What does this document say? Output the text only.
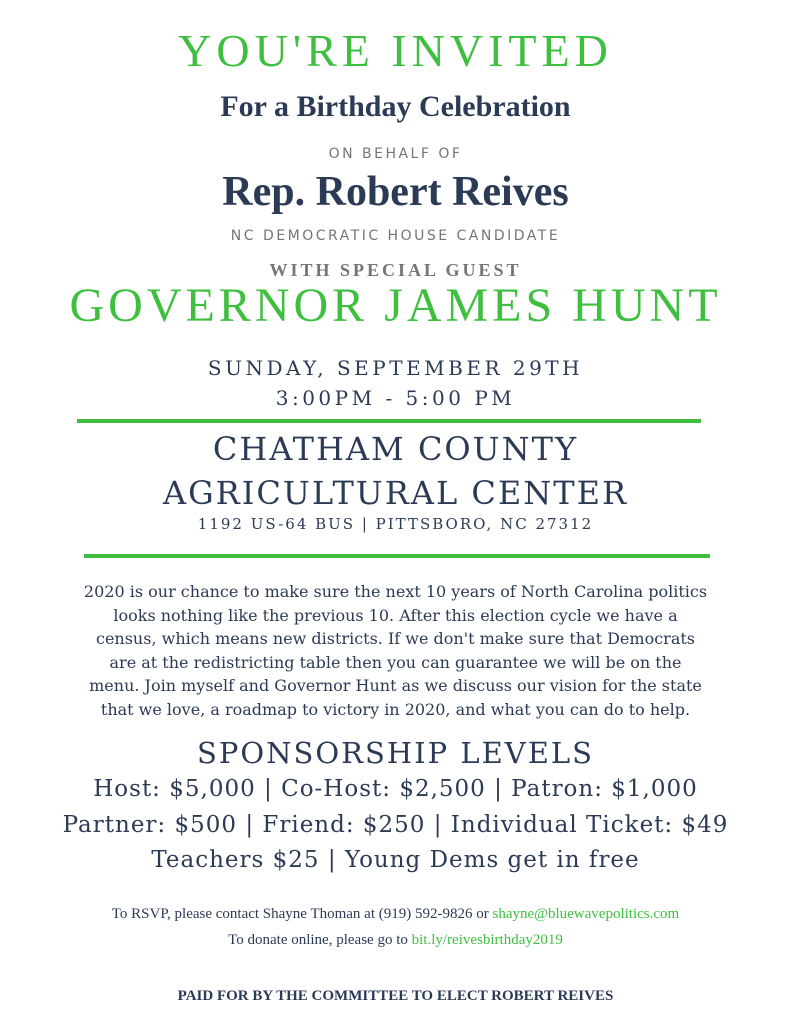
YOU'RE INVITED
For a Birthday Celebration
ON BEHALF OF
Rep. Robert Reives
NC DEMOCRATIC HOUSE CANDIDATE
WITH SPECIAL GUEST
GOVERNOR JAMES HUNT
SUNDAY, SEPTEMBER 29TH
3:00PM - 5:00 PM
CHATHAM COUNTY
AGRICULTURAL CENTER
1192 US-64 BUS | PITTSBORO, NC 27312
2020 is our chance to make sure the next 10 years of North Carolina politics
looks nothing like the previous 10. After this election cycle we have a
census, which means new districts. If we don't make sure that Democrats
are at the redistricting table then you can guarantee we will be on the
menu. Join myself and Governor Hunt as we discuss our vision for the state
that we love, a roadmap to victory in 2020, and what you can do to help.
SPONSORSHIP LEVELS
Host: $5,000 | Co-Host: $2,500 | Patron: $1,000
Partner: $500 | Friend: $250 | Individual Ticket: $49
Teachers $25 | Young Dems get in free
To RSVP, please contact Shayne Thoman at (919) 592-9826 or shayne@bluewavepolitics.com
To donate online, please go to bit.ly/reivesbirthday2019
PAID FOR BY THE COMMITTEE TO ELECT ROBERT REIVES
